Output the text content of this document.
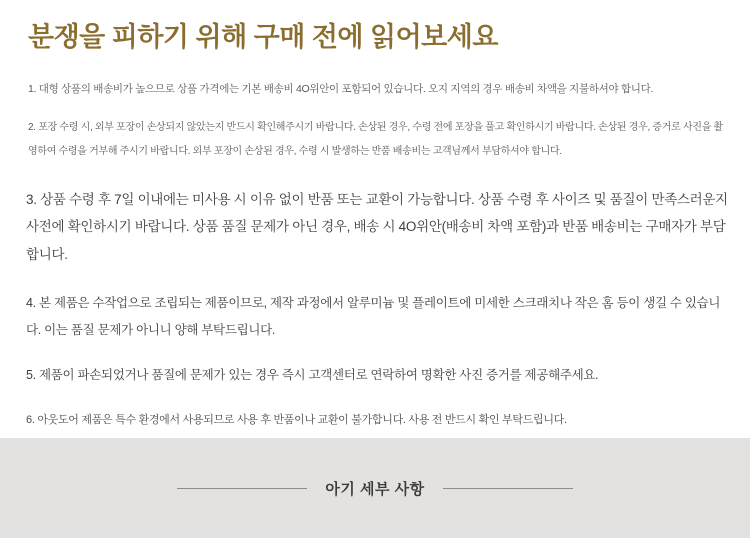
분쟁을 피하기 위해 구매 전에 읽어보세요

1. 대형 상품의 배송비가 높으므로 상품 가격에는 기본 배송비 4O위안이 포함되어 있습니다. 오지 지역의 경우 배송비 차액을 지불하셔야 합니다.

2. 포장 수령 시, 외부 포장이 손상되지 않았는지 반드시 확인해주시기 바랍니다. 손상된 경우, 수령 전에 포장을 풀고 확인하시기 바랍니다. 손상된 경우, 증거로 사진을 촬영하여 수령을 거부해 주시기 바랍니다. 외부 포장이 손상된 경우, 수령 시 발생하는 반품 배송비는 고객님께서 부담하셔야 합니다.

3. 상품 수령 후 7일 이내에는 미사용 시 이유 없이 반품 또는 교환이 가능합니다. 상품 수령 후 사이즈 및 품질이 만족스러운지 사전에 확인하시기 바랍니다. 상품 품질 문제가 아닌 경우, 배송 시 4O위안(배송비 차액 포함)과 반품 배송비는 구매자가 부담합니다.

4. 본 제품은 수작업으로 조립되는 제품이므로, 제작 과정에서 알루미늄 및 플레이트에 미세한 스크래치나 작은 홈 등이 생길 수 있습니다. 이는 품질 문제가 아니니 양해 부탁드립니다.

5. 제품이 파손되었거나 품질에 문제가 있는 경우 즉시 고객센터로 연락하여 명확한 사진 증거를 제공해주세요.

6. 아웃도어 제품은 특수 환경에서 사용되므로 사용 후 반품이나 교환이 불가합니다. 사용 전 반드시 확인 부탁드립니다.

아기 세부 사항
